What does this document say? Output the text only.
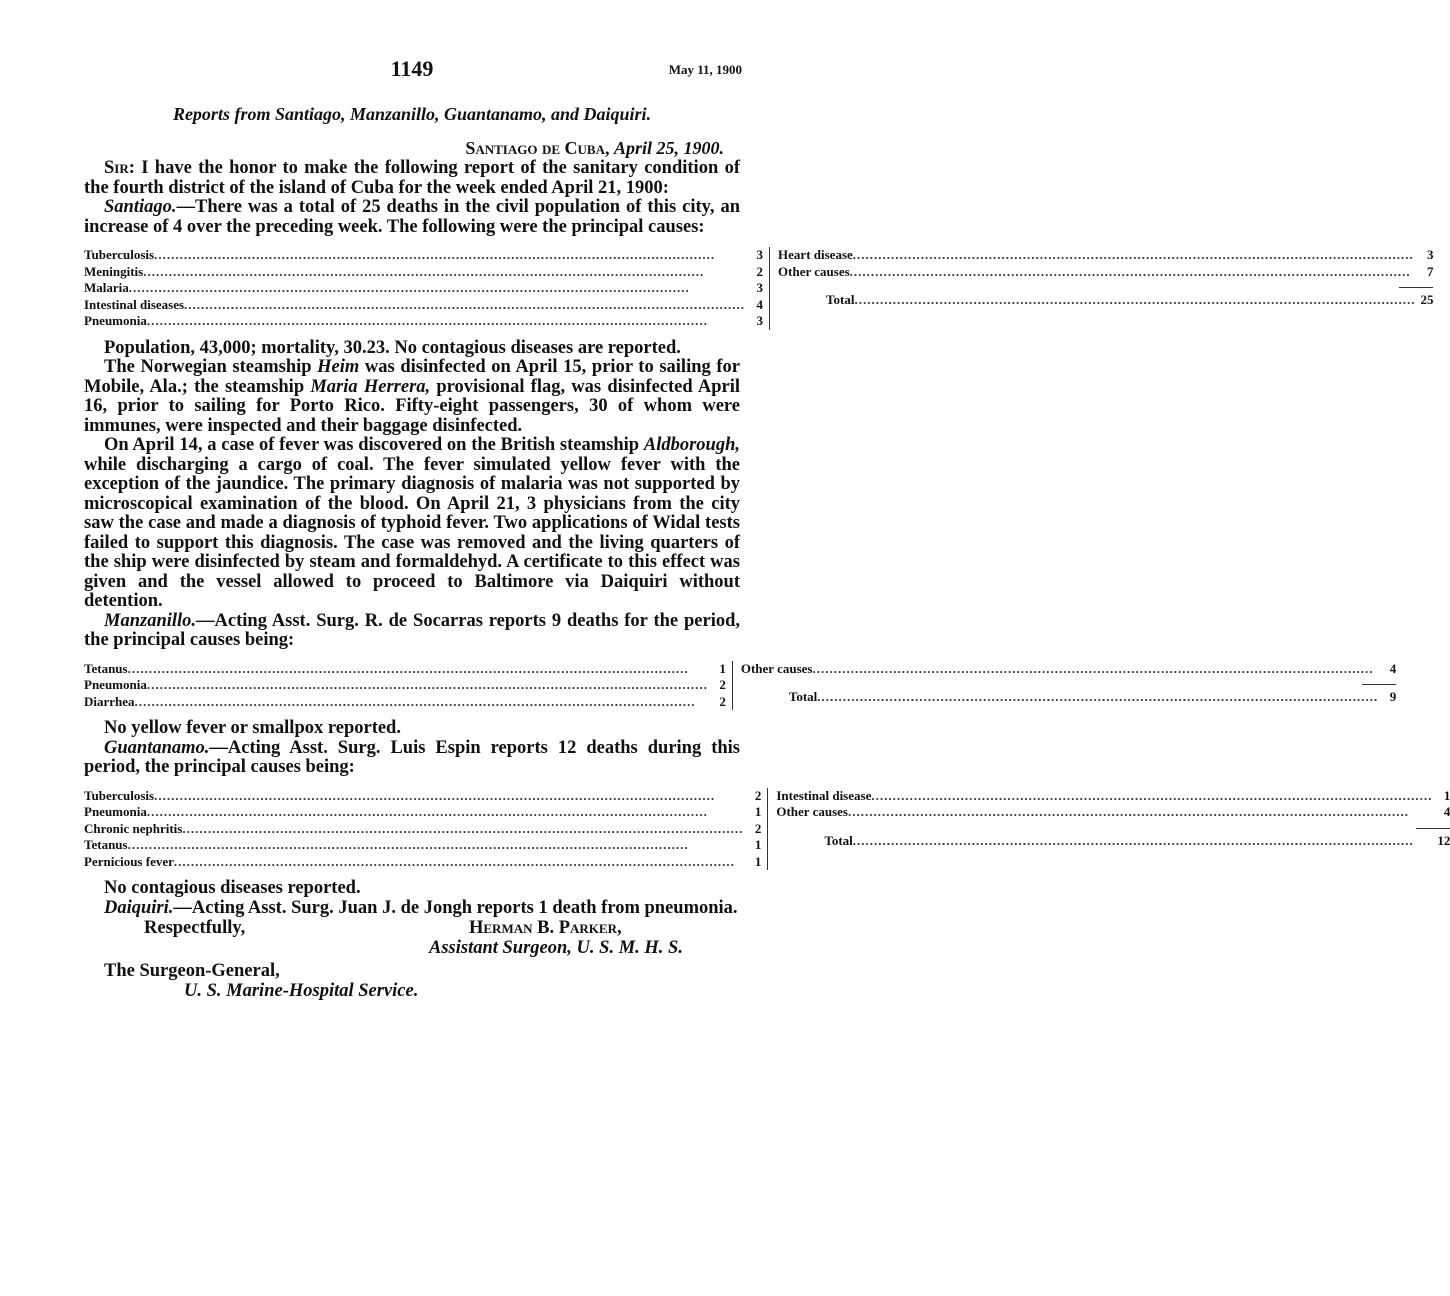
1149	May 11, 1900
Reports from Santiago, Manzanillo, Guantanamo, and Daiquiri.
Santiago de Cuba, April 25, 1900.

Sir: I have the honor to make the following report of the sanitary condition of the fourth district of the island of Cuba for the week ended April 21, 1900:

Santiago.—There was a total of 25 deaths in the civil population of this city, an increase of 4 over the preceding week. The following were the principal causes:

Tuberculosis .....	3
Meningitis .....	2
Malaria .....	3
Intestinal diseases .....	4
Pneumonia .....	3

Heart disease .....	3
Other causes .....	7
Total .....	25

Population, 43,000; mortality, 30.23. No contagious diseases are reported.

The Norwegian steamship Heim was disinfected on April 15, prior to sailing for Mobile, Ala.; the steamship Maria Herrera, provisional flag, was disinfected April 16, prior to sailing for Porto Rico. Fifty-eight passengers, 30 of whom were immunes, were inspected and their baggage disinfected.

On April 14, a case of fever was discovered on the British steamship Aldborough, while discharging a cargo of coal. The fever simulated yellow fever with the exception of the jaundice. The primary diagnosis of malaria was not supported by microscopical examination of the blood. On April 21, 3 physicians from the city saw the case and made a diagnosis of typhoid fever. Two applications of Widal tests failed to support this diagnosis. The case was removed and the living quarters of the ship were disinfected by steam and formaldehyd. A certificate to this effect was given and the vessel allowed to proceed to Baltimore via Daiquiri without detention.

Manzanillo.—Acting Asst. Surg. R. de Socarras reports 9 deaths for the period, the principal causes being:

Tetanus .....	1
Pneumonia .....	2
Diarrhea .....	2

Other causes .....	4
Total .....	9

No yellow fever or smallpox reported.

Guantanamo.—Acting Asst. Surg. Luis Espin reports 12 deaths during this period, the principal causes being:

Tuberculosis .....	2
Pneumonia .....	1
Chronic nephritis .....	2
Tetanus .....	1
Pernicious fever .....	1

Intestinal disease .....	1
Other causes .....	4
Total .....	12

No contagious diseases reported.

Daiquiri.—Acting Asst. Surg. Juan J. de Jongh reports 1 death from pneumonia.

Respectfully,	Herman B. Parker,
Assistant Surgeon, U. S. M. H. S.
The Surgeon-General,
U. S. Marine-Hospital Service.
